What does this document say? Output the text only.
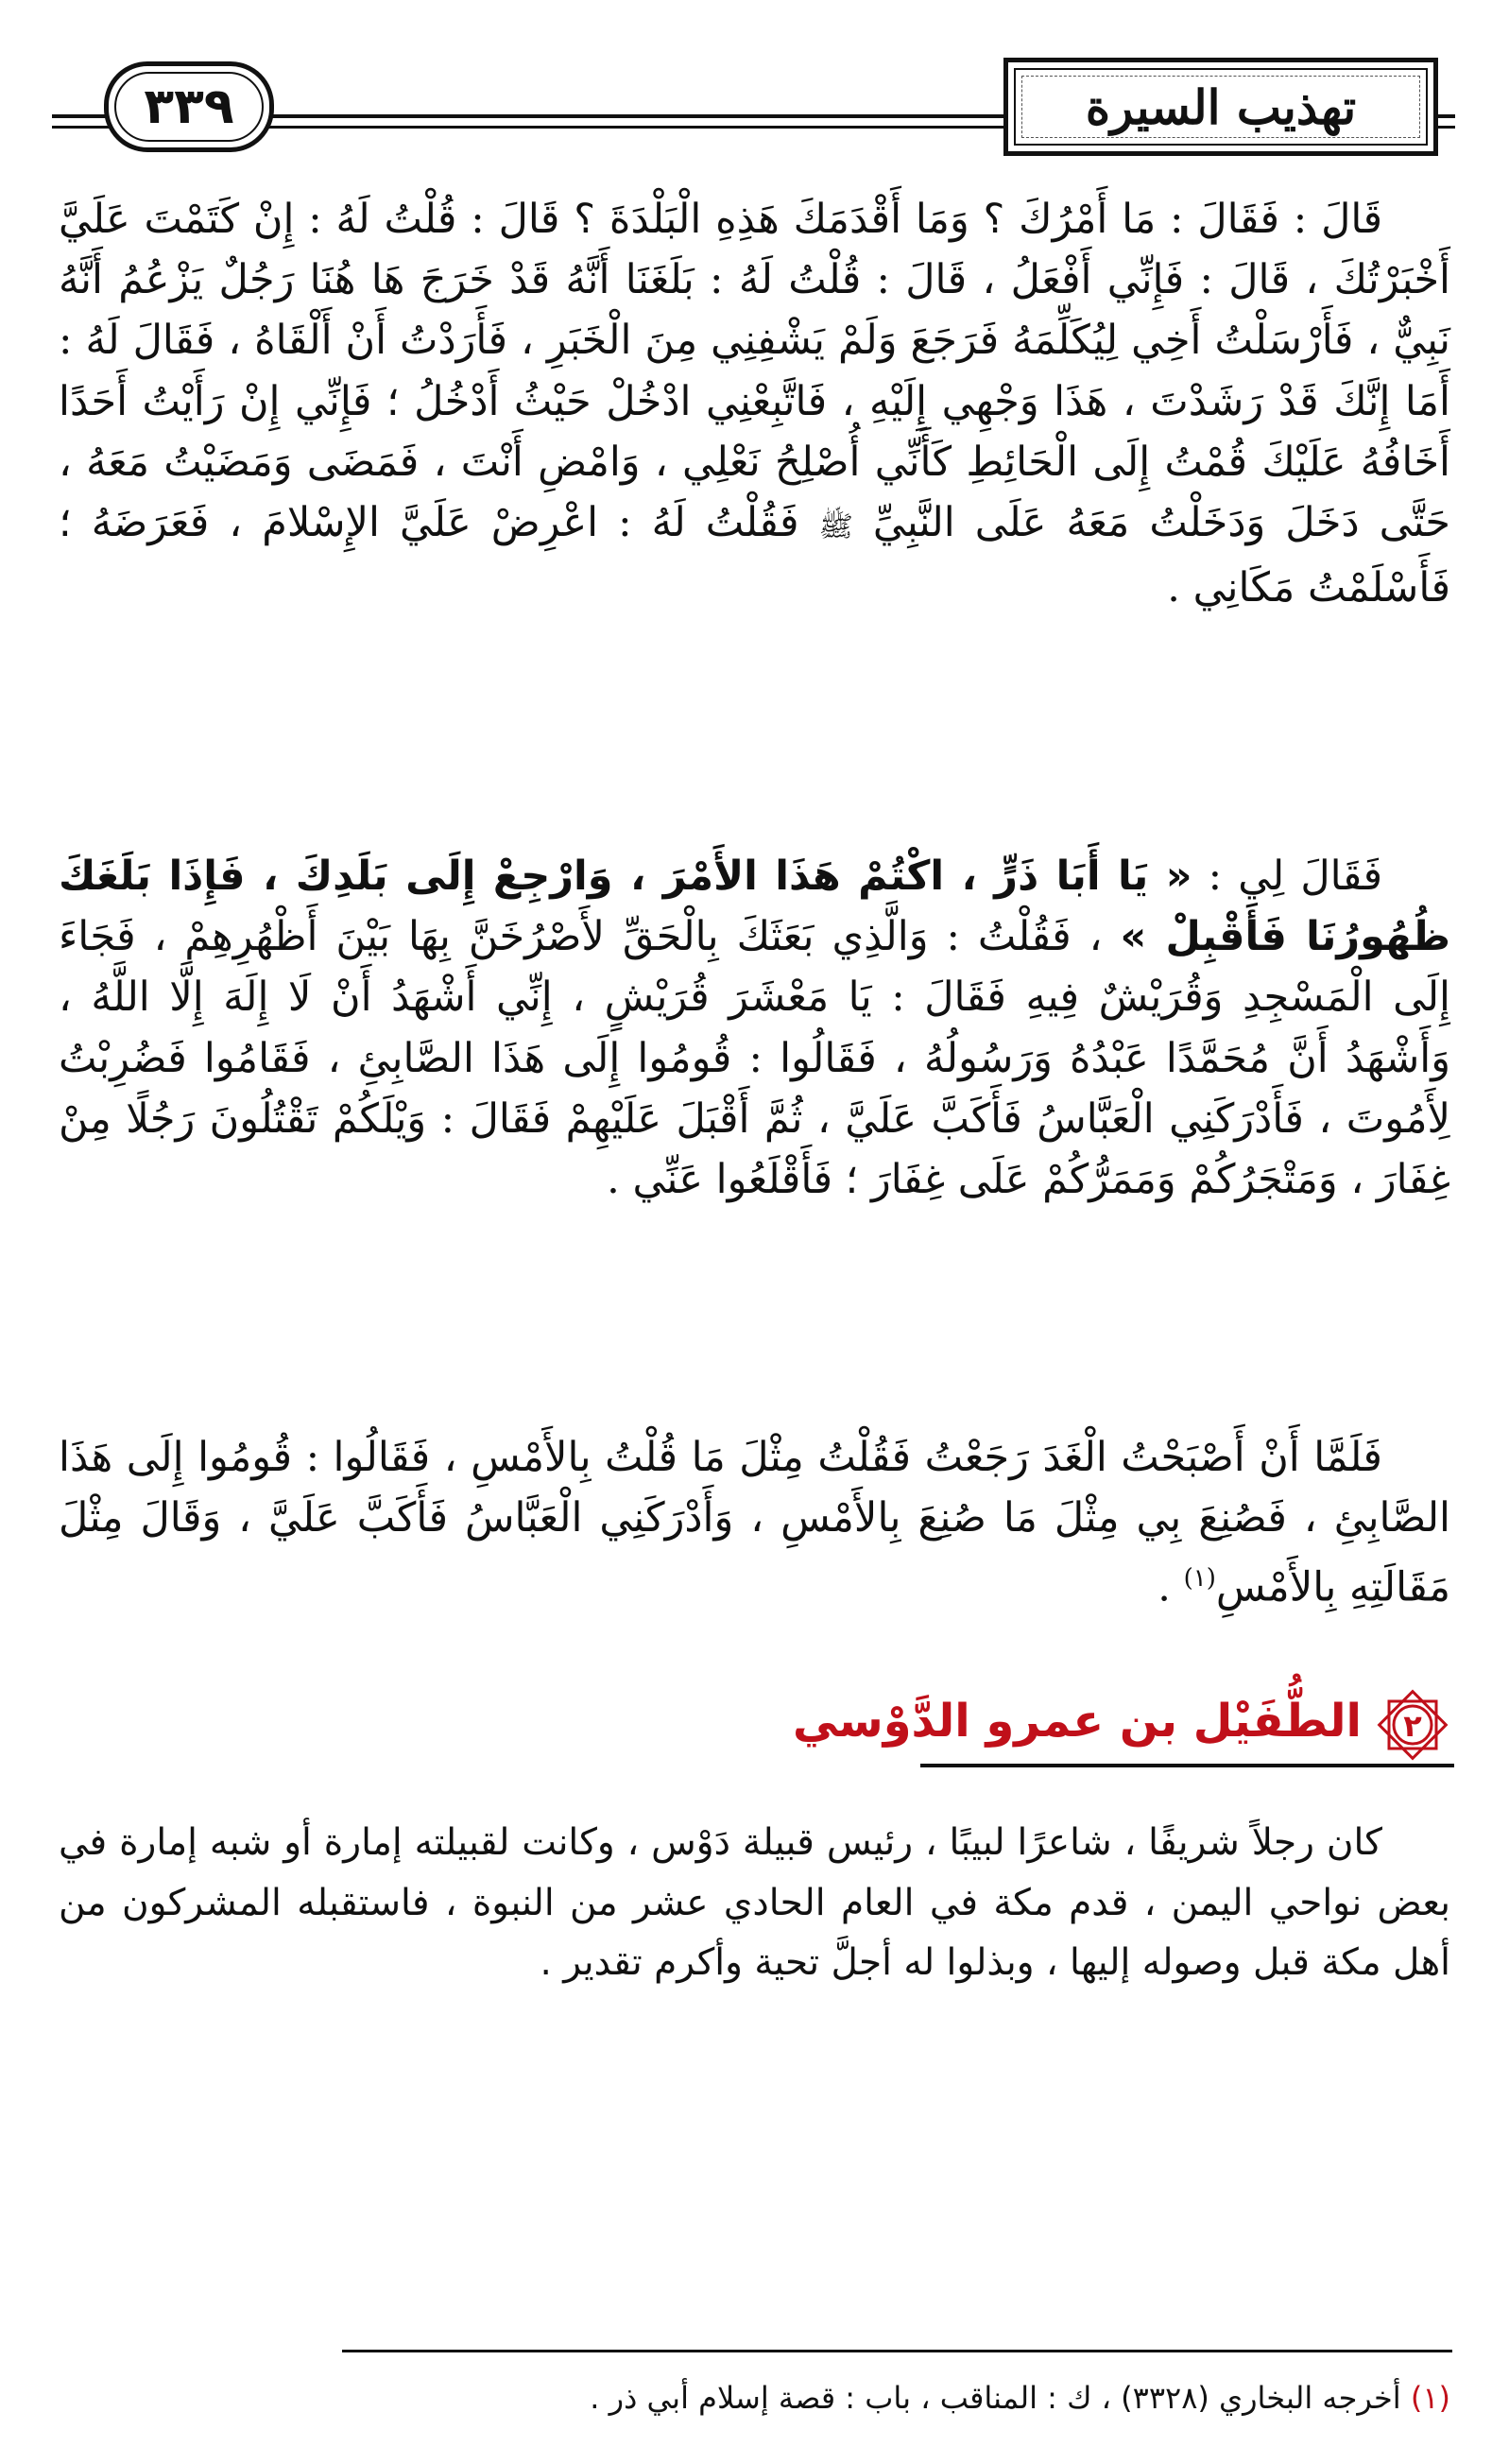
٣٣٩	تهذيب السيرة

قَالَ : فَقَالَ : مَا أَمْرُكَ ؟ وَمَا أَقْدَمَكَ هَذِهِ الْبَلْدَةَ ؟ قَالَ : قُلْتُ لَهُ : إِنْ كَتَمْتَ عَلَيَّ أَخْبَرْتُكَ ، قَالَ : فَإِنِّي أَفْعَلُ ، قَالَ : قُلْتُ لَهُ : بَلَغَنَا أَنَّهُ قَدْ خَرَجَ هَا هُنَا رَجُلٌ يَزْعُمُ أَنَّهُ نَبِيٌّ ، فَأَرْسَلْتُ أَخِي لِيُكَلِّمَهُ فَرَجَعَ وَلَمْ يَشْفِنِي مِنَ الْخَبَرِ ، فَأَرَدْتُ أَنْ أَلْقَاهُ ، فَقَالَ لَهُ : أَمَا إِنَّكَ قَدْ رَشَدْتَ ، هَذَا وَجْهِي إِلَيْهِ ، فَاتَّبِعْنِي ادْخُلْ حَيْثُ أَدْخُلُ ؛ فَإِنِّي إِنْ رَأَيْتُ أَحَدًا أَخَافُهُ عَلَيْكَ قُمْتُ إِلَى الْحَائِطِ كَأَنِّي أُصْلِحُ نَعْلِي ، وَامْضِ أَنْتَ ، فَمَضَى وَمَضَيْتُ مَعَهُ ، حَتَّى دَخَلَ وَدَخَلْتُ مَعَهُ عَلَى النَّبِيِّ ﷺ فَقُلْتُ لَهُ : اعْرِضْ عَلَيَّ الإِسْلامَ ، فَعَرَضَهُ ؛ فَأَسْلَمْتُ مَكَانِي .

فَقَالَ لِي : « يَا أَبَا ذَرٍّ ، اكْتُمْ هَذَا الأَمْرَ ، وَارْجِعْ إِلَى بَلَدِكَ ، فَإِذَا بَلَغَكَ ظُهُورُنَا فَأَقْبِلْ » ، فَقُلْتُ : وَالَّذِي بَعَثَكَ بِالْحَقِّ لأَصْرُخَنَّ بِهَا بَيْنَ أَظْهُرِهِمْ ، فَجَاءَ إِلَى الْمَسْجِدِ وَقُرَيْشٌ فِيهِ فَقَالَ : يَا مَعْشَرَ قُرَيْشٍ ، إِنِّي أَشْهَدُ أَنْ لَا إِلَهَ إِلَّا اللَّهُ ، وَأَشْهَدُ أَنَّ مُحَمَّدًا عَبْدُهُ وَرَسُولُهُ ، فَقَالُوا : قُومُوا إِلَى هَذَا الصَّابِئِ ، فَقَامُوا فَضُرِبْتُ لِأَمُوتَ ، فَأَدْرَكَنِي الْعَبَّاسُ فَأَكَبَّ عَلَيَّ ، ثُمَّ أَقْبَلَ عَلَيْهِمْ فَقَالَ : وَيْلَكُمْ تَقْتُلُونَ رَجُلًا مِنْ غِفَارَ ، وَمَتْجَرُكُمْ وَمَمَرُّكُمْ عَلَى غِفَارَ ؛ فَأَقْلَعُوا عَنِّي .

فَلَمَّا أَنْ أَصْبَحْتُ الْغَدَ رَجَعْتُ فَقُلْتُ مِثْلَ مَا قُلْتُ بِالأَمْسِ ، فَقَالُوا : قُومُوا إِلَى هَذَا الصَّابِئِ ، فَصُنِعَ بِي مِثْلَ مَا صُنِعَ بِالأَمْسِ ، وَأَدْرَكَنِي الْعَبَّاسُ فَأَكَبَّ عَلَيَّ ، وَقَالَ مِثْلَ مَقَالَتِهِ بِالأَمْسِ$^{(١)}$ .

٢
الطُّفَيْل بن عمرو الدَّوْسي

كان رجلاً شريفًا ، شاعرًا لبيبًا ، رئيس قبيلة دَوْس ، وكانت لقبيلته إمارة أو شبه إمارة في بعض نواحي اليمن ، قدم مكة في العام الحادي عشر من النبوة ، فاستقبله المشركون من أهل مكة قبل وصوله إليها ، وبذلوا له أجلَّ تحية وأكرم تقدير .

(١) أخرجه البخاري (٣٣٢٨) ، ك : المناقب ، باب : قصة إسلام أبي ذر .
